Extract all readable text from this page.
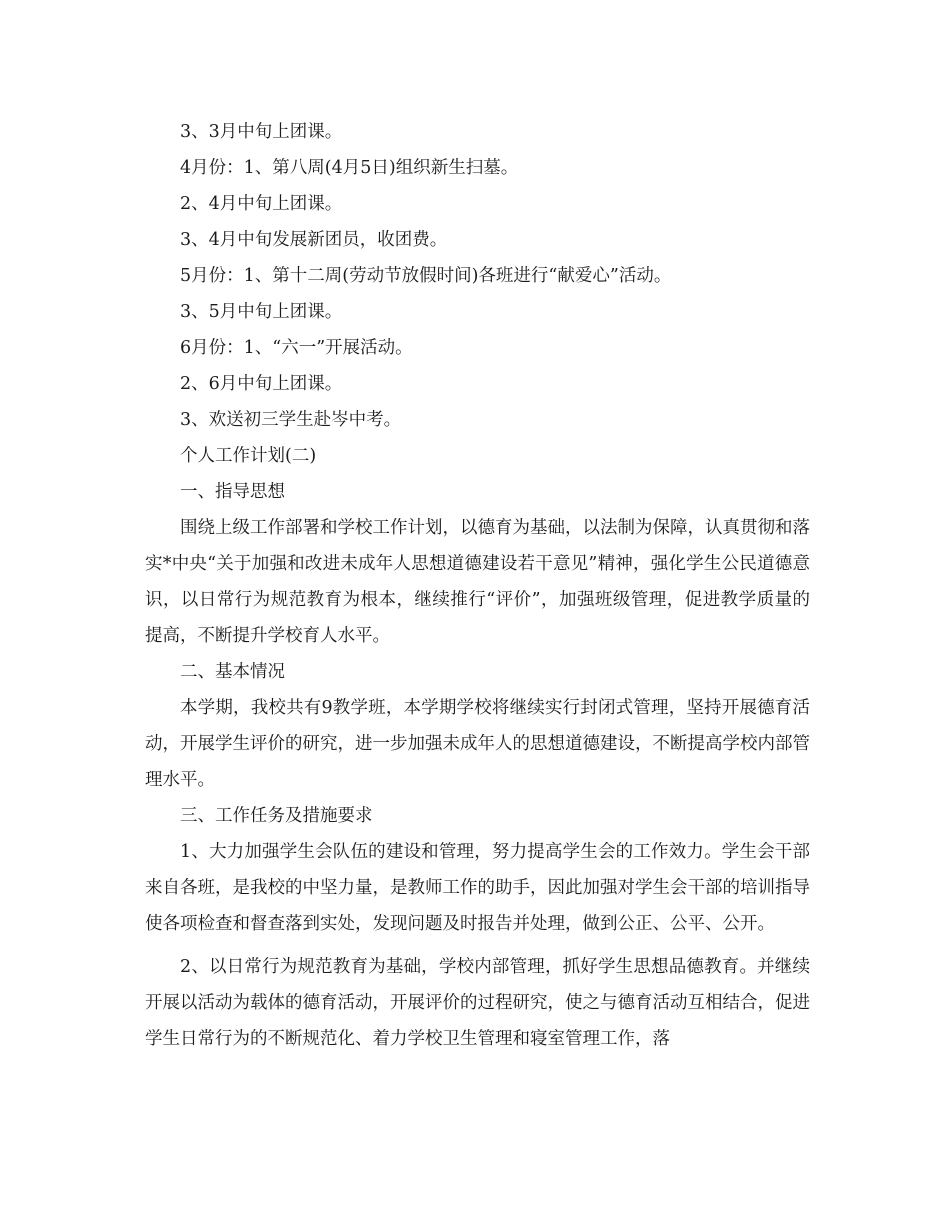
3、3月中旬上团课。
4月份：1、第八周(4月5日)组织新生扫墓。
2、4月中旬上团课。
3、4月中旬发展新团员，收团费。
5月份：1、第十二周(劳动节放假时间)各班进行“献爱心”活动。
3、5月中旬上团课。
6月份：1、“六一”开展活动。
2、6月中旬上团课。
3、欢送初三学生赴岑中考。
个人工作计划(二)
一、指导思想

围绕上级工作部署和学校工作计划，以德育为基础，以法制为保障，认真贯彻和落实*中央“关于加强和改进未成年人思想道德建设若干意见”精神，强化学生公民道德意识，以日常行为规范教育为根本，继续推行“评价”，加强班级管理，促进教学质量的提高，不断提升学校育人水平。

二、基本情况

本学期，我校共有9教学班，本学期学校将继续实行封闭式管理，坚持开展德育活动，开展学生评价的研究，进一步加强未成年人的思想道德建设，不断提高学校内部管理水平。

三、工作任务及措施要求

1、大力加强学生会队伍的建设和管理，努力提高学生会的工作效力。学生会干部来自各班，是我校的中坚力量，是教师工作的助手，因此加强对学生会干部的培训指导使各项检查和督查落到实处，发现问题及时报告并处理，做到公正、公平、公开。

2、以日常行为规范教育为基础，学校内部管理，抓好学生思想品德教育。并继续开展以活动为载体的德育活动，开展评价的过程研究，使之与德育活动互相结合，促进学生日常行为的不断规范化、着力学校卫生管理和寝室管理工作，落
